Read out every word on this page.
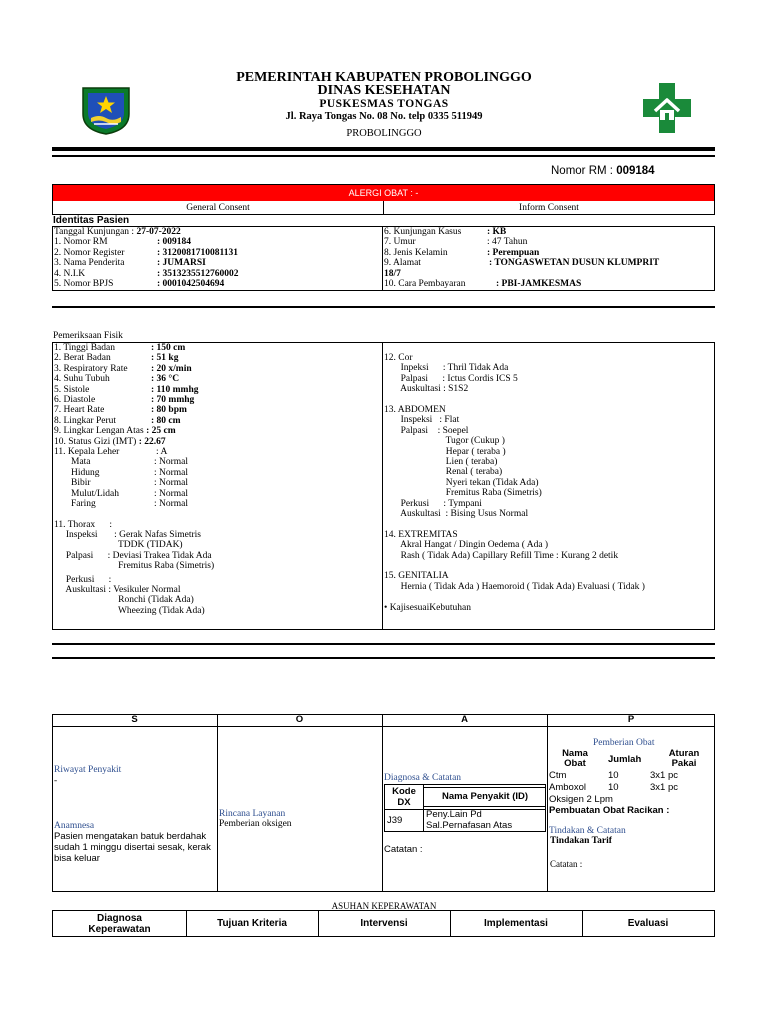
PEMERINTAH KABUPATEN PROBOLINGGO
DINAS KESEHATAN
PUSKESMAS TONGAS
Jl. Raya Tongas No. 08 No. telp 0335 511949
PROBOLINGGO
Nomor RM : 009184
ALERGI OBAT : -
General Consent	Inform Consent
Identitas Pasien
Tanggal Kunjungan : 27-07-2022
1. Nomor RM	: 009184
2. Nomor Register	: 3120081710081131
3. Nama Penderita	: JUMARSI
4. N.I.K	: 3513235512760002
5. Nomor BPJS	: 0001042504694
6. Kunjungan Kasus	: KB
7. Umur	: 47 Tahun
8. Jenis Kelamin	: Perempuan
9. Alamat	: TONGASWETAN DUSUN KLUMPRIT
18/7
10. Cara Pembayaran	: PBI-JAMKESMAS
Pemeriksaan Fisik
1. Tinggi Badan	: 150 cm
2. Berat Badan	: 51 kg
3. Respiratory Rate : 20 x/min
4. Suhu Tubuh	: 36 °C
5. Sistole	: 110 mmhg
6. Diastole	: 70 mmhg
7. Heart Rate	: 80 bpm
8. Lingkar Perut	: 80 cm
9. Lingkar Lengan Atas : 25 cm
10. Status Gizi (IMT) : 22.67
11. Kepala Leher	: A
Mata	: Normal
Hidung	: Normal
Bibir	: Normal
Mulut/Lidah	: Normal
Faring	: Normal
11. Thorax      :
Inspeksi       : Gerak Nafas Simetris
TDDK (TIDAK)
Palpasi      : Deviasi Trakea Tidak Ada
Fremitus Raba (Simetris)
Perkusi      :
Auskultasi : Vesikuler Normal
Ronchi (Tidak Ada)
Wheezing (Tidak Ada)
12. Cor
Inpeksi      : Thril Tidak Ada
Palpasi      : Ictus Cordis ICS 5
Auskultasi : S1S2
13. ABDOMEN
Inspeksi   : Flat
Palpasi    : Soepel
Tugor (Cukup )
Hepar ( teraba )
Lien ( teraba)
Renal ( teraba)
Nyeri tekan (Tidak Ada)
Fremitus Raba (Simetris)
Perkusi      : Tympani
Auskultasi  : Bising Usus Normal
14. EXTREMITAS
Akral Hangat / Dingin Oedema ( Ada )
Rash ( Tidak Ada) Capillary Refill Time : Kurang 2 detik
15. GENITALIA
Hernia ( Tidak Ada ) Haemoroid ( Tidak Ada) Evaluasi ( Tidak )
• KajisesuaiKebutuhan
S	O	A	P
Riwayat Penyakit
-
Anamnesa
Pasien mengatakan batuk berdahak sudah 1 minggu disertai sesak, kerak bisa keluar
Rincana Layanan
Pemberian oksigen
Diagnosa & Catatan
Kode DX
Nama Penyakit (ID)
J39
Peny.Lain Pd Sal.Pernafasan Atas
Catatan :
Pemberian Obat
Nama Obat	Jumlah
Aturan Pakai
Ctm	10	3x1 pc
Amboxol 10	3x1 pc
Oksigen 2 Lpm
Pembuatan Obat Racikan :
Tindakan & Catatan
Tindakan Tarif
Catatan :
ASUHAN KEPERAWATAN
Diagnosa Keperawatan
Tujuan Kriteria	Intervensi	Implementasi	Evaluasi
